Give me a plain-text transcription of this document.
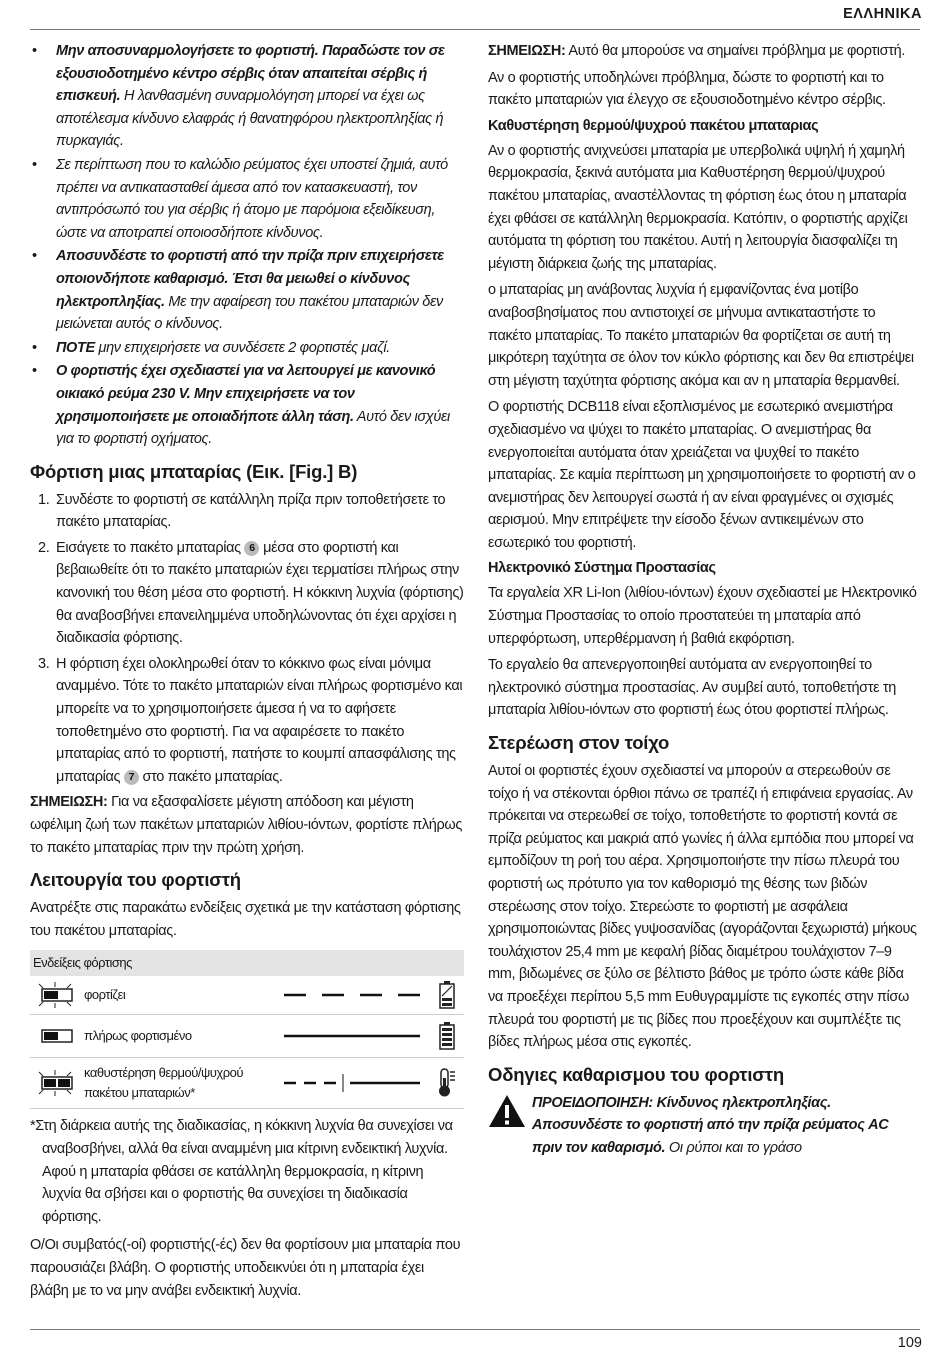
ΕΛΛΗΝΙΚΑ
• Μην αποσυναρμολογήσετε το φορτιστή. Παραδώστε τον σε εξουσιοδοτημένο κέντρο σέρβις όταν απαιτείται σέρβις ή επισκευή. Η λανθασμένη συναρμολόγηση μπορεί να έχει ως αποτέλεσμα κίνδυνο ελαφράς ή θανατηφόρου ηλεκτροπληξίας ή πυρκαγιάς.
• Σε περίπτωση που το καλώδιο ρεύματος έχει υποστεί ζημιά, αυτό πρέπει να αντικατασταθεί άμεσα από τον κατασκευαστή, τον αντιπρόσωπό του για σέρβις ή άτομο με παρόμοια εξειδίκευση, ώστε να αποτραπεί οποιοσδήποτε κίνδυνος.
• Αποσυνδέστε το φορτιστή από την πρίζα πριν επιχειρήσετε οποιονδήποτε καθαρισμό. Έτσι θα μειωθεί ο κίνδυνος ηλεκτροπληξίας. Με την αφαίρεση του πακέτου μπαταριών δεν μειώνεται αυτός ο κίνδυνος.
• ΠΟΤΕ μην επιχειρήσετε να συνδέσετε 2 φορτιστές μαζί.
• Ο φορτιστής έχει σχεδιαστεί για να λειτουργεί με κανονικό οικιακό ρεύμα 230 V. Μην επιχειρήσετε να τον χρησιμοποιήσετε με οποιαδήποτε άλλη τάση. Αυτό δεν ισχύει για το φορτιστή οχήματος.
Φόρτιση μιας μπαταρίας (Εικ. [Fig.] B)
1. Συνδέστε το φορτιστή σε κατάλληλη πρίζα πριν τοποθετήσετε το πακέτο μπαταρίας.
2. Εισάγετε το πακέτο μπαταρίας 6 μέσα στο φορτιστή και βεβαιωθείτε ότι το πακέτο μπαταριών έχει τερματίσει πλήρως στην κανονική του θέση μέσα στο φορτιστή. Η κόκκινη λυχνία (φόρτισης) θα αναβοσβήνει επανειλημμένα υποδηλώνοντας ότι έχει αρχίσει η διαδικασία φόρτισης.
3. Η φόρτιση έχει ολοκληρωθεί όταν το κόκκινο φως είναι μόνιμα αναμμένο. Τότε το πακέτο μπαταριών είναι πλήρως φορτισμένο και μπορείτε να το χρησιμοποιήσετε άμεσα ή να το αφήσετε τοποθετημένο στο φορτιστή. Για να αφαιρέσετε το πακέτο μπαταρίας από το φορτιστή, πατήστε το κουμπί απασφάλισης της μπαταρίας 7 στο πακέτο μπαταρίας.

ΣΗΜΕΙΩΣΗ: Για να εξασφαλίσετε μέγιστη απόδοση και μέγιστη ωφέλιμη ζωή των πακέτων μπαταριών λιθίου-ιόντων, φορτίστε πλήρως το πακέτο μπαταρίας πριν την πρώτη χρήση.

Λειτουργία του φορτιστή

Ανατρέξτε στις παρακάτω ενδείξεις σχετικά με την κατάσταση φόρτισης του πακέτου μπαταρίας.

Ενδείξεις φόρτισης
φορτίζει
πλήρως φορτισμένο
καθυστέρηση θερμού/ψυχρού πακέτου μπαταριών*

*Στη διάρκεια αυτής της διαδικασίας, η κόκκινη λυχνία θα συνεχίσει να αναβοσβήνει, αλλά θα είναι αναμμένη μια κίτρινη ενδεικτική λυχνία. Αφού η μπαταρία φθάσει σε κατάλληλη θερμοκρασία, η κίτρινη λυχνία θα σβήσει και ο φορτιστής θα συνεχίσει τη διαδικασία φόρτισης.

Ο/Οι συμβατός(-οί) φορτιστής(-ές) δεν θα φορτίσουν μια μπαταρία που παρουσιάζει βλάβη. Ο φορτιστής υποδεικνύει ότι η μπαταρία έχει βλάβη με το να μην ανάβει ενδεικτική λυχνία.

ΣΗΜΕΙΩΣΗ: Αυτό θα μπορούσε να σημαίνει πρόβλημα με φορτιστή.

Αν ο φορτιστής υποδηλώνει πρόβλημα, δώστε το φορτιστή και το πακέτο μπαταριών για έλεγχο σε εξουσιοδοτημένο κέντρο σέρβις.

Καθυστέρηση θερμού/ψυχρού πακέτου μπαταριας

Αν ο φορτιστής ανιχνεύσει μπαταρία με υπερβολικά υψηλή ή χαμηλή θερμοκρασία, ξεκινά αυτόματα μια Καθυστέρηση θερμού/ψυχρού πακέτου μπαταρίας, αναστέλλοντας τη φόρτιση έως ότου η μπαταρία έχει φθάσει σε κατάλληλη θερμοκρασία. Κατόπιν, ο φορτιστής αρχίζει αυτόματα τη φόρτιση του πακέτου. Αυτή η λειτουργία διασφαλίζει τη μέγιστη διάρκεια ζωής της μπαταρίας.

ο μπαταρίας μη ανάβοντας λυχνία ή εμφανίζοντας ένα μοτίβο αναβοσβησίματος που αντιστοιχεί σε μήνυμα αντικαταστήστε το πακέτο μπαταρίας. Το πακέτο μπαταριών θα φορτίζεται σε αυτή τη μικρότερη ταχύτητα σε όλον τον κύκλο φόρτισης και δεν θα επιστρέψει στη μέγιστη ταχύτητα φόρτισης ακόμα και αν η μπαταρία θερμανθεί.

Ο φορτιστής DCB118 είναι εξοπλισμένος με εσωτερικό ανεμιστήρα σχεδιασμένο να ψύχει το πακέτο μπαταρίας. Ο ανεμιστήρας θα ενεργοποιείται αυτόματα όταν χρειάζεται να ψυχθεί το πακέτο μπαταρίας. Σε καμία περίπτωση μη χρησιμοποιήσετε το φορτιστή αν ο ανεμιστήρας δεν λειτουργεί σωστά ή αν είναι φραγμένες οι σχισμές αερισμού. Μην επιτρέψετε την είσοδο ξένων αντικειμένων στο εσωτερικό του φορτιστή.

Ηλεκτρονικό Σύστημα Προστασίας

Τα εργαλεία XR Li-Ion (λιθίου-ιόντων) έχουν σχεδιαστεί με Ηλεκτρονικό Σύστημα Προστασίας το οποίο προστατεύει τη μπαταρία από υπερφόρτωση, υπερθέρμανση ή βαθιά εκφόρτιση.

Το εργαλείο θα απενεργοποιηθεί αυτόματα αν ενεργοποιηθεί το ηλεκτρονικό σύστημα προστασίας. Αν συμβεί αυτό, τοποθετήστε τη μπαταρία λιθίου-ιόντων στο φορτιστή έως ότου φορτιστεί πλήρως.

Στερέωση στον τοίχο

Αυτοί οι φορτιστές έχουν σχεδιαστεί να μπορούν α στερεωθούν σε τοίχο ή να στέκονται όρθιοι πάνω σε τραπέζι ή επιφάνεια εργασίας. Αν πρόκειται να στερεωθεί σε τοίχο, τοποθετήστε το φορτιστή κοντά σε πρίζα ρεύματος και μακριά από γωνίες ή άλλα εμπόδια που μπορεί να εμποδίζουν τη ροή του αέρα. Χρησιμοποιήστε την πίσω πλευρά του φορτιστή ως πρότυπο για τον καθορισμό της θέσης των βιδών στερέωσης στον τοίχο. Στερεώστε το φορτιστή με ασφάλεια χρησιμοποιώντας βίδες γυψοσανίδας (αγοράζονται ξεχωριστά) μήκους τουλάχιστον 25,4 mm με κεφαλή βίδας διαμέτρου τουλάχιστον 7–9 mm, βιδωμένες σε ξύλο σε βέλτιστο βάθος με τρόπο ώστε κάθε βίδα να προεξέχει περίπου 5,5 mm Ευθυγραμμίστε τις εγκοπές στην πίσω πλευρά του φορτιστή με τις βίδες που προεξέχουν και συμπλέξτε τις βίδες πλήρως μέσα στις εγκοπές.

Οδηγιες καθαρισμου του φορτιστη
ΠΡΟΕΙΔΟΠΟΙΗΣΗ: Κίνδυνος ηλεκτροπληξίας. Αποσυνδέστε το φορτιστή από την πρίζα ρεύματος AC πριν τον καθαρισμό. Οι ρύποι και το γράσο
109
